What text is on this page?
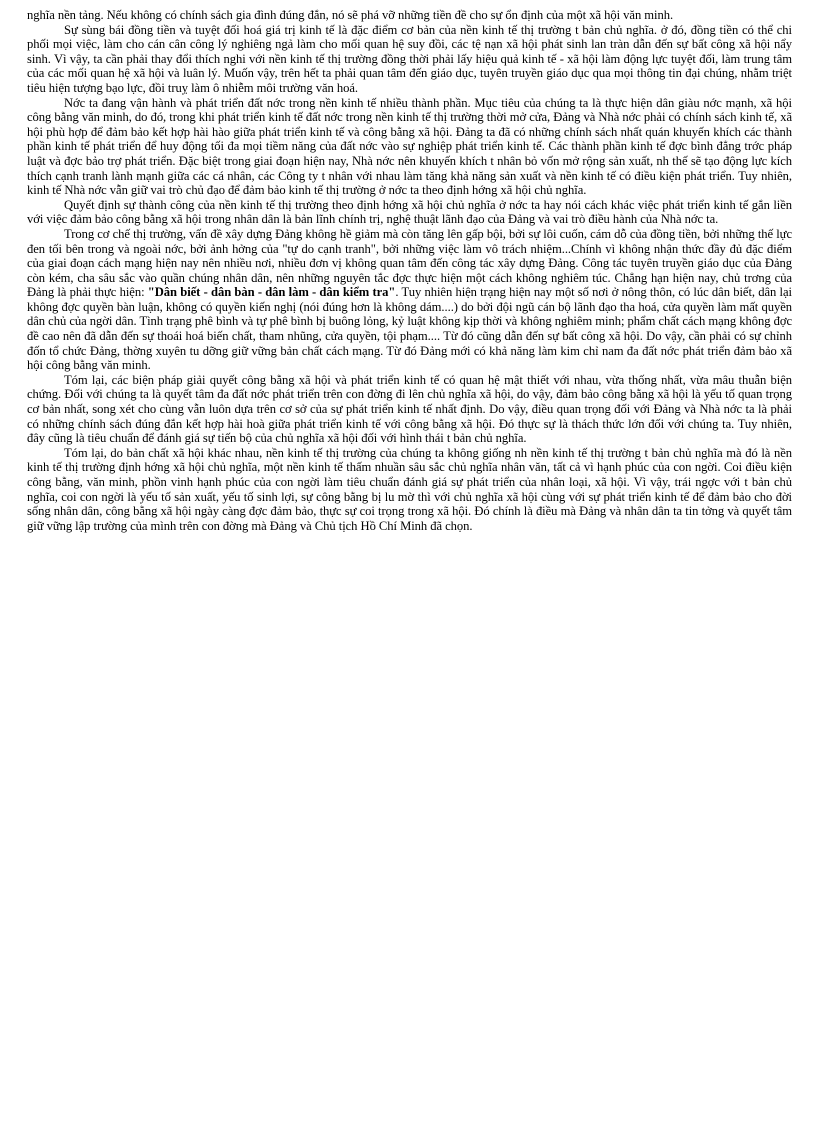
nghĩa nền tảng. Nếu không có chính sách gia đình đúng đắn, nó sẽ phá vỡ những tiền đề cho sự ổn định của một xã hội văn minh.

Sự sùng bái đồng tiền và tuyệt đối hoá giá trị kinh tế là đặc điểm cơ bản của nền kinh tế thị trường t bản chủ nghĩa. ở đó, đồng tiền có thể chi phối mọi việc, làm cho cán cân công lý nghiêng ngả làm cho mối quan hệ suy đồi, các tệ nạn xã hội phát sinh lan tràn dẫn đến sự bất công xã hội nẩy sinh. Vì vậy, ta cần phải thay đổi thích nghi với nền kinh tế thị trường đồng thời phải lấy hiệu quả kinh tế - xã hội làm động lực tuyệt đối, làm trung tâm của các mối quan hệ xã hội và luân lý. Muốn vậy, trên hết ta phải quan tâm đến giáo dục, tuyên truyền giáo dục qua mọi thông tin đại chúng, nhằm triệt tiêu hiện tượng bạo lực, đồi truỵ làm ô nhiễm môi trường văn hoá.

Nớc ta đang vận hành và phát triển đất nớc trong nền kinh tế nhiều thành phần. Mục tiêu của chúng ta là thực hiện dân giàu nớc mạnh, xã hội công bằng văn minh, do đó, trong khi phát triển kinh tế đất nớc trong nền kinh tế thị trường thời mở cửa, Đảng và Nhà nớc phải có chính sách kinh tế, xã hội phù hợp để đảm bảo kết hợp hài hào giữa phát triển kinh tế và công bằng xã hội. Đảng ta đã có những chính sách nhất quán khuyến khích các thành phần kinh tế phát triển để huy động tối đa mọi tiềm năng của đất nớc vào sự nghiệp phát triển kinh tế. Các thành phần kinh tế đợc bình đẳng trớc pháp luật và đợc bảo trợ phát triển. Đặc biệt trong giai đoạn hiện nay, Nhà nớc nên khuyến khích t nhân bỏ vốn mở rộng sản xuất, nh thế sẽ tạo động lực kích thích cạnh tranh lành mạnh giữa các cá nhân, các Công ty t nhân với nhau làm tăng khả năng sản xuất và nền kinh tế có điều kiện phát triển. Tuy nhiên, kinh tế Nhà nớc vẫn giữ vai trò chủ đạo để đảm bảo kinh tế thị trường ở nớc ta theo định hớng xã hội chủ nghĩa.

Quyết định sự thành công của nền kinh tế thị trường theo định hớng xã hội chủ nghĩa ở nớc ta hay nói cách khác việc phát triển kinh tế gắn liền với việc đảm bảo công bằng xã hội trong nhân dân là bản lĩnh chính trị, nghệ thuật lãnh đạo của Đảng và vai trò điều hành của Nhà nớc ta.

Trong cơ chế thị trường, vấn đề xây dựng Đảng không hề giảm mà còn tăng lên gấp bội, bởi sự lôi cuốn, cám dỗ của đồng tiền, bởi những thế lực đen tối bên trong và ngoài nớc, bởi ảnh hởng của "tự do cạnh tranh", bởi những việc làm vô trách nhiệm...Chính vì không nhận thức đầy đủ đặc điểm của giai đoạn cách mạng hiện nay nên nhiều nơi, nhiều đơn vị không quan tâm đến công tác xây dựng Đảng. Công tác tuyên truyền giáo dục của Đảng còn kém, cha sâu sắc vào quần chúng nhân dân, nên những nguyên tắc đợc thực hiện một cách không nghiêm túc. Chẳng hạn hiện nay, chủ trơng của Đảng là phải thực hiện: "Dân biết - dân bàn - dân làm - dân kiểm tra". Tuy nhiên hiện trạng hiện nay một số nơi ở nông thôn, có lúc dân biết, dân lại không đợc quyền bàn luận, không có quyền kiến nghị (nói đúng hơn là không dám....) do bởi đội ngũ cán bộ lãnh đạo tha hoá, cửa quyền làm mất quyền dân chủ của ngời dân. Tình trạng phê bình và tự phê bình bị buông lỏng, kỷ luật không kịp thời và không nghiêm minh; phẩm chất cách mạng không đợc đề cao nên đã dẫn đến sự thoái hoá biến chất, tham nhũng, cửa quyền, tội phạm.... Từ đó cũng dẫn đến sự bất công xã hội. Do vậy, cần phải có sự chỉnh đốn tổ chức Đảng, thờng xuyên tu dỡng giữ vững bản chất cách mạng. Từ đó Đảng mới có khả năng làm kim chỉ nam đa đất nớc phát triển đảm bảo xã hội công bằng văn minh.

Tóm lại, các biện pháp giải quyết công bằng xã hội và phát triển kinh tế có quan hệ mật thiết với nhau, vừa thống nhất, vừa mâu thuẫn biện chứng. Đối với chúng ta là quyết tâm đa đất nớc phát triển trên con đờng đi lên chủ nghĩa xã hội, do vậy, đảm bảo công bằng xã hội là yếu tố quan trọng cơ bản nhất, song xét cho cùng vẫn luôn dựa trên cơ sở của sự phát triển kinh tế nhất định. Do vậy, điều quan trọng đối với Đảng và Nhà nớc ta là phải có những chính sách đúng đắn kết hợp hài hoà giữa phát triển kinh tế với công bằng xã hội. Đó thực sự là thách thức lớn đối với chúng ta. Tuy nhiên, đây cũng là tiêu chuẩn để đánh giá sự tiến bộ của chủ nghĩa xã hội đối với hình thái t bản chủ nghĩa.

Tóm lại, do bản chất xã hội khác nhau, nền kinh tế thị trường của chúng ta không giống nh nền kinh tế thị trường t bản chủ nghĩa mà đó là nền kinh tế thị trường định hớng xã hội chủ nghĩa, một nền kinh tế thấm nhuần sâu sắc chủ nghĩa nhân văn, tất cả vì hạnh phúc của con ngời. Coi điều kiện công bằng, văn minh, phồn vinh hạnh phúc của con ngời làm tiêu chuẩn đánh giá sự phát triển của nhân loại, xã hội. Vì vậy, trái ngợc với t bản chủ nghĩa, coi con ngời là yếu tố sản xuất, yếu tố sinh lợi, sự công bằng bị lu mờ thì với chủ nghĩa xã hội cùng với sự phát triển kinh tế để đảm bảo cho đời sống nhân dân, công bằng xã hội ngày càng đợc đảm bảo, thực sự coi trọng trong xã hội. Đó chính là điều mà Đảng và nhân dân ta tin tởng và quyết tâm giữ vững lập trường của mình trên con đờng mà Đảng và Chủ tịch Hồ Chí Minh đã chọn.
